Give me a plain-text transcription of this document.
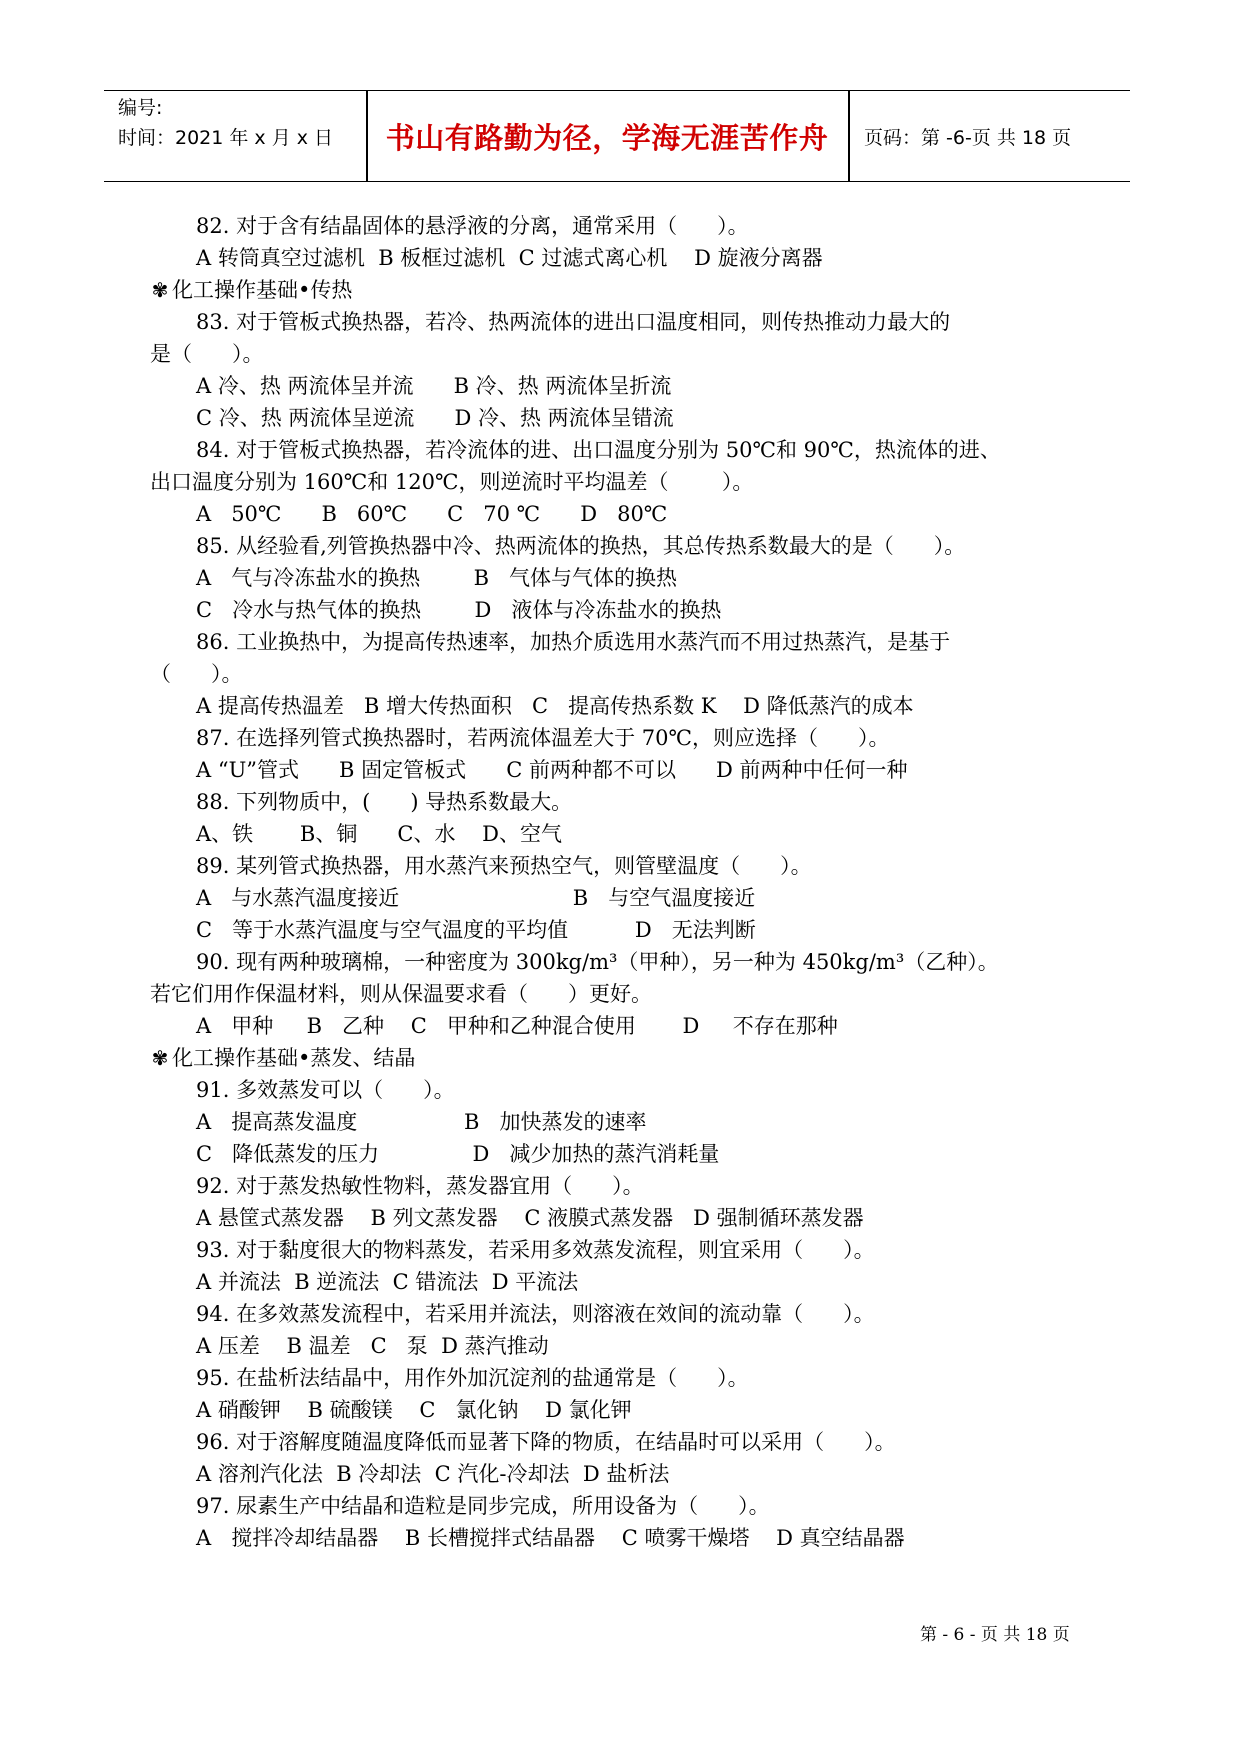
编号:
时间：2021 年 x 月 x 日	书山有路勤为径，学海无涯苦作舟	页码：第 -6-页 共 18 页
82. 对于含有结晶固体的悬浮液的分离，通常采用（      ）。
A 转筒真空过滤机  B 板框过滤机  C 过滤式离心机    D 旋液分离器
✾ 化工操作基础•传热
83. 对于管板式换热器，若冷、热两流体的进出口温度相同，则传热推动力最大的
是（      ）。
A 冷、热 两流体呈并流      B 冷、热 两流体呈折流
C 冷、热 两流体呈逆流      D 冷、热 两流体呈错流
84. 对于管板式换热器，若冷流体的进、出口温度分别为 50℃和 90℃，热流体的进、
出口温度分别为 160℃和 120℃，则逆流时平均温差（        ）。
A   50℃      B   60℃      C   70 ℃      D   80℃
85. 从经验看,列管换热器中冷、热两流体的换热，其总传热系数最大的是（      ）。
A   气与冷冻盐水的换热        B   气体与气体的换热
C   冷水与热气体的换热        D   液体与冷冻盐水的换热
86. 工业换热中，为提高传热速率，加热介质选用水蒸汽而不用过热蒸汽，是基于
（      ）。
A 提高传热温差   B 增大传热面积   C   提高传热系数 K    D 降低蒸汽的成本
87. 在选择列管式换热器时，若两流体温差大于 70℃，则应选择（      ）。
A “U”管式      B 固定管板式      C 前两种都不可以      D 前两种中任何一种
88. 下列物质中，(      ) 导热系数最大。
A、铁       B、铜      C、水    D、空气
89. 某列管式换热器，用水蒸汽来预热空气，则管壁温度（      ）。
A   与水蒸汽温度接近                          B   与空气温度接近
C   等于水蒸汽温度与空气温度的平均值          D   无法判断
90. 现有两种玻璃棉，一种密度为 300kg/m³（甲种），另一种为 450kg/m³（乙种）。
若它们用作保温材料，则从保温要求看（      ）更好。
A   甲种     B   乙种    C   甲种和乙种混合使用       D     不存在那种
✾ 化工操作基础•蒸发、结晶
91. 多效蒸发可以（      ）。
A   提高蒸发温度                B   加快蒸发的速率
C   降低蒸发的压力              D   减少加热的蒸汽消耗量
92. 对于蒸发热敏性物料，蒸发器宜用（      ）。
A 悬筐式蒸发器    B 列文蒸发器    C 液膜式蒸发器   D 强制循环蒸发器
93. 对于黏度很大的物料蒸发，若采用多效蒸发流程，则宜采用（      ）。
A 并流法  B 逆流法  C 错流法  D 平流法
94. 在多效蒸发流程中，若采用并流法，则溶液在效间的流动靠（      ）。
A 压差    B 温差   C   泵  D 蒸汽推动
95. 在盐析法结晶中，用作外加沉淀剂的盐通常是（      ）。
A 硝酸钾    B 硫酸镁    C   氯化钠    D 氯化钾
96. 对于溶解度随温度降低而显著下降的物质，在结晶时可以采用（      ）。
A 溶剂汽化法  B 冷却法  C 汽化-冷却法  D 盐析法
97. 尿素生产中结晶和造粒是同步完成，所用设备为（      ）。
A   搅拌冷却结晶器    B 长槽搅拌式结晶器    C 喷雾干燥塔    D 真空结晶器
第 - 6 - 页 共 18 页
